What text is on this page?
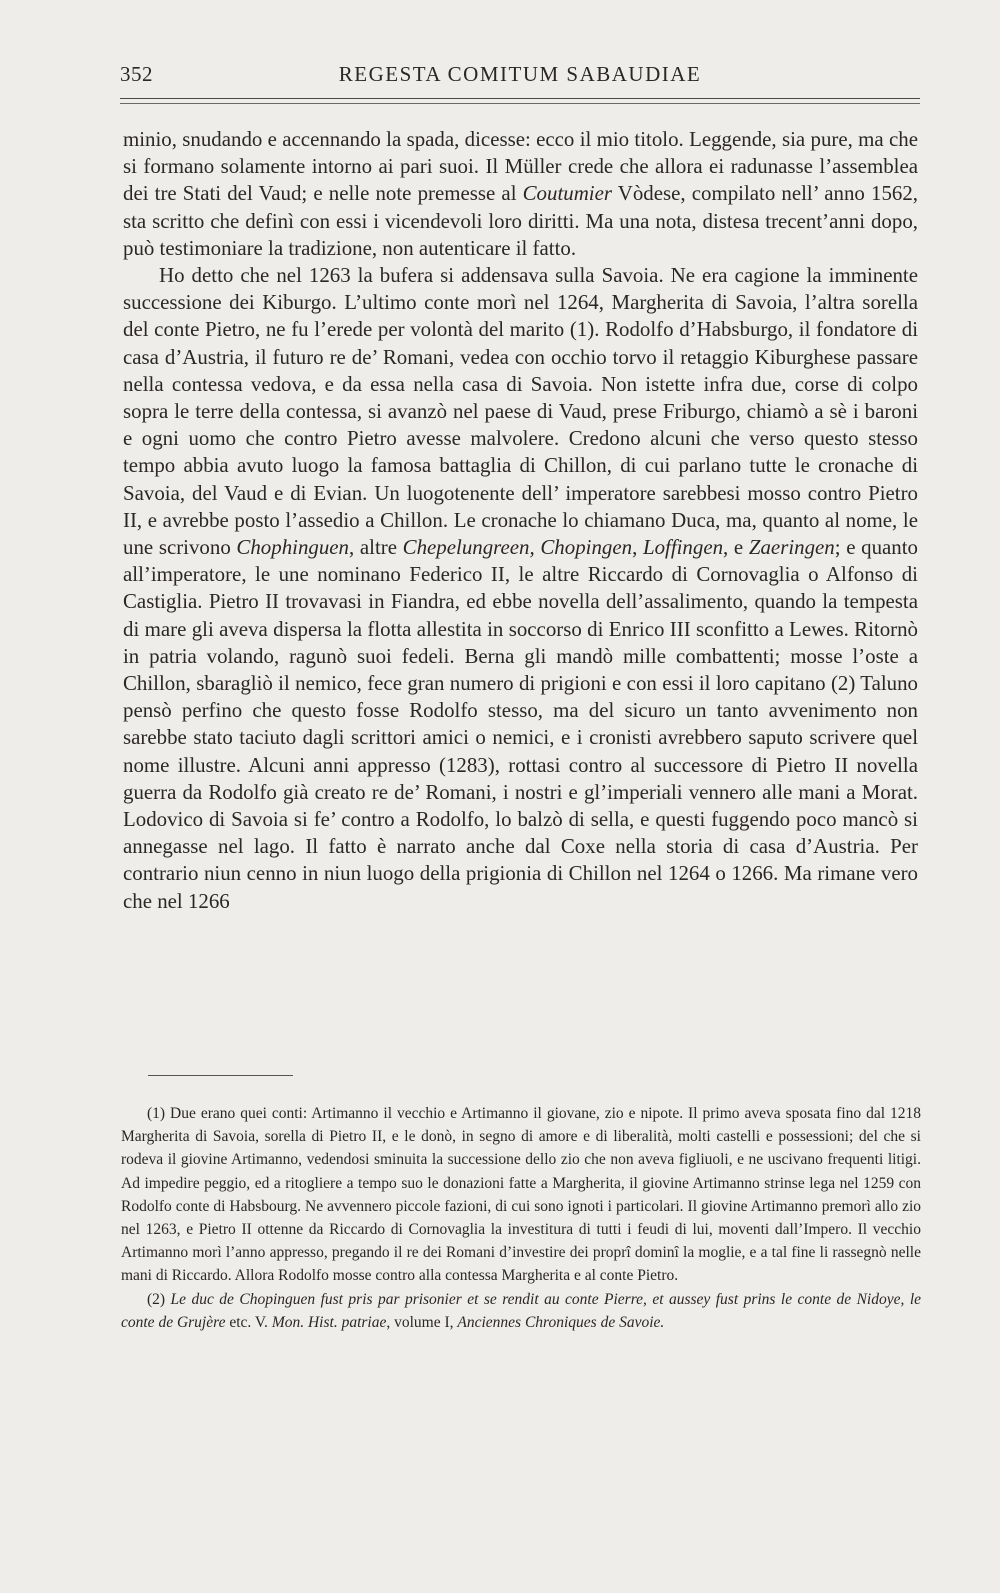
352	REGESTA COMITUM SABAUDIAE

minio, snudando e accennando la spada, dicesse: ecco il mio titolo. Leggende, sia pure, ma che si formano solamente intorno ai pari suoi. Il Müller crede che allora ei radunasse l’assemblea dei tre Stati del Vaud; e nelle note premesse al Coutumier Vòdese, compilato nell’ anno 1562, sta scritto che definì con essi i vicendevoli loro diritti. Ma una nota, distesa trecent’anni dopo, può testimoniare la tradizione, non autenticare il fatto.

Ho detto che nel 1263 la bufera si addensava sulla Savoia. Ne era cagione la imminente successione dei Kiburgo. L’ultimo conte morì nel 1264, Margherita di Savoia, l’altra sorella del conte Pietro, ne fu l’erede per volontà del marito (1). Rodolfo d’Habsburgo, il fondatore di casa d’Austria, il futuro re de’ Romani, vedea con occhio torvo il retaggio Kiburghese passare nella contessa vedova, e da essa nella casa di Savoia. Non istette infra due, corse di colpo sopra le terre della contessa, si avanzò nel paese di Vaud, prese Friburgo, chiamò a sè i baroni e ogni uomo che contro Pietro avesse malvolere. Credono alcuni che verso questo stesso tempo abbia avuto luogo la famosa battaglia di Chillon, di cui parlano tutte le cronache di Savoia, del Vaud e di Evian. Un luogotenente dell’ imperatore sarebbesi mosso contro Pietro II, e avrebbe posto l’assedio a Chillon. Le cronache lo chiamano Duca, ma, quanto al nome, le une scrivono Chophinguen, altre Chepelungreen, Chopingen, Loffingen, e Zaeringen; e quanto all’imperatore, le une nominano Federico II, le altre Riccardo di Cornovaglia o Alfonso di Castiglia. Pietro II trovavasi in Fiandra, ed ebbe novella dell’assalimento, quando la tempesta di mare gli aveva dispersa la flotta allestita in soccorso di Enrico III sconfitto a Lewes. Ritornò in patria volando, ragunò suoi fedeli. Berna gli mandò mille combattenti; mosse l’oste a Chillon, sbaragliò il nemico, fece gran numero di prigioni e con essi il loro capitano (2) Taluno pensò perfino che questo fosse Rodolfo stesso, ma del sicuro un tanto avvenimento non sarebbe stato taciuto dagli scrittori amici o nemici, e i cronisti avrebbero saputo scrivere quel nome illustre. Alcuni anni appresso (1283), rottasi contro al successore di Pietro II novella guerra da Rodolfo già creato re de’ Romani, i nostri e gl’imperiali vennero alle mani a Morat. Lodovico di Savoia si fe’ contro a Rodolfo, lo balzò di sella, e questi fuggendo poco mancò si annegasse nel lago. Il fatto è narrato anche dal Coxe nella storia di casa d’Austria. Per contrario niun cenno in niun luogo della prigionia di Chillon nel 1264 o 1266. Ma rimane vero che nel 1266

(1) Due erano quei conti: Artimanno il vecchio e Artimanno il giovane, zio e nipote. Il primo aveva sposata fino dal 1218 Margherita di Savoia, sorella di Pietro II, e le donò, in segno di amore e di liberalità, molti castelli e possessioni; del che si rodeva il giovine Artimanno, vedendosi sminuita la successione dello zio che non aveva figliuoli, e ne uscivano frequenti litigi. Ad impedire peggio, ed a ritogliere a tempo suo le donazioni fatte a Margherita, il giovine Artimanno strinse lega nel 1259 con Rodolfo conte di Habsbourg. Ne avvennero piccole fazioni, di cui sono ignoti i particolari. Il giovine Artimanno premorì allo zio nel 1263, e Pietro II ottenne da Riccardo di Cornovaglia la investitura di tutti i feudi di lui, moventi dall’Impero. Il vecchio Artimanno morì l’anno appresso, pregando il re dei Romani d’investire dei proprî dominî la moglie, e a tal fine li rassegnò nelle mani di Riccardo. Allora Rodolfo mosse contro alla contessa Margherita e al conte Pietro.

(2) Le duc de Chopinguen fust pris par prisonier et se rendit au conte Pierre, et aussey fust prins le conte de Nidoye, le conte de Grujère etc. V. Mon. Hist. patriae, volume I, Anciennes Chroniques de Savoie.
